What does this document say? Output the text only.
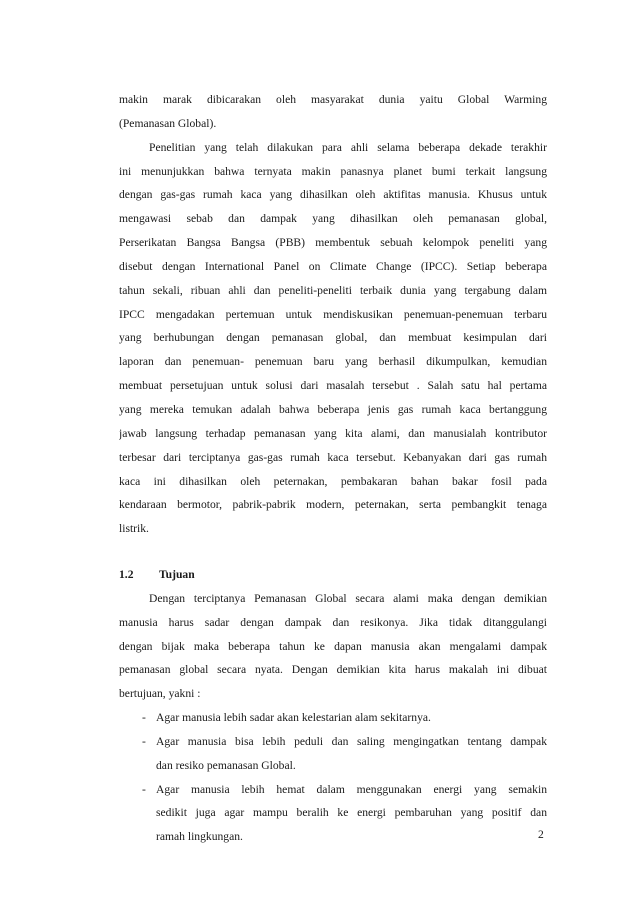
makin marak dibicarakan oleh masyarakat dunia yaitu Global Warming
(Pemanasan Global).
Penelitian yang telah dilakukan para ahli selama beberapa dekade terakhir
ini menunjukkan bahwa ternyata makin panasnya planet bumi terkait langsung
dengan gas-gas rumah kaca yang dihasilkan oleh aktifitas manusia. Khusus untuk
mengawasi sebab dan dampak yang dihasilkan oleh pemanasan global,
Perserikatan Bangsa Bangsa (PBB) membentuk sebuah kelompok peneliti yang
disebut dengan International Panel on Climate Change (IPCC). Setiap beberapa
tahun sekali, ribuan ahli dan peneliti-peneliti terbaik dunia yang tergabung dalam
IPCC mengadakan pertemuan untuk mendiskusikan penemuan-penemuan terbaru
yang berhubungan dengan pemanasan global, dan membuat kesimpulan dari
laporan dan penemuan- penemuan baru yang berhasil dikumpulkan, kemudian
membuat persetujuan untuk solusi dari masalah tersebut . Salah satu hal pertama
yang mereka temukan adalah bahwa beberapa jenis gas rumah kaca bertanggung
jawab langsung terhadap pemanasan yang kita alami, dan manusialah kontributor
terbesar dari terciptanya gas-gas rumah kaca tersebut. Kebanyakan dari gas rumah
kaca ini dihasilkan oleh peternakan, pembakaran bahan bakar fosil pada
kendaraan bermotor, pabrik-pabrik modern, peternakan, serta pembangkit tenaga
listrik.
1.2	Tujuan
Dengan terciptanya Pemanasan Global secara alami maka dengan demikian
manusia harus sadar dengan dampak dan resikonya. Jika tidak ditanggulangi
dengan bijak maka beberapa tahun ke dapan manusia akan mengalami dampak
pemanasan global secara nyata. Dengan demikian kita harus makalah ini dibuat
bertujuan, yakni :
- Agar manusia lebih sadar akan kelestarian alam sekitarnya.
- Agar manusia bisa lebih peduli dan saling mengingatkan tentang dampak
dan resiko pemanasan Global.
- Agar manusia lebih hemat dalam menggunakan energi yang semakin
sedikit juga agar mampu beralih ke energi pembaruhan yang positif dan
ramah lingkungan.	2
